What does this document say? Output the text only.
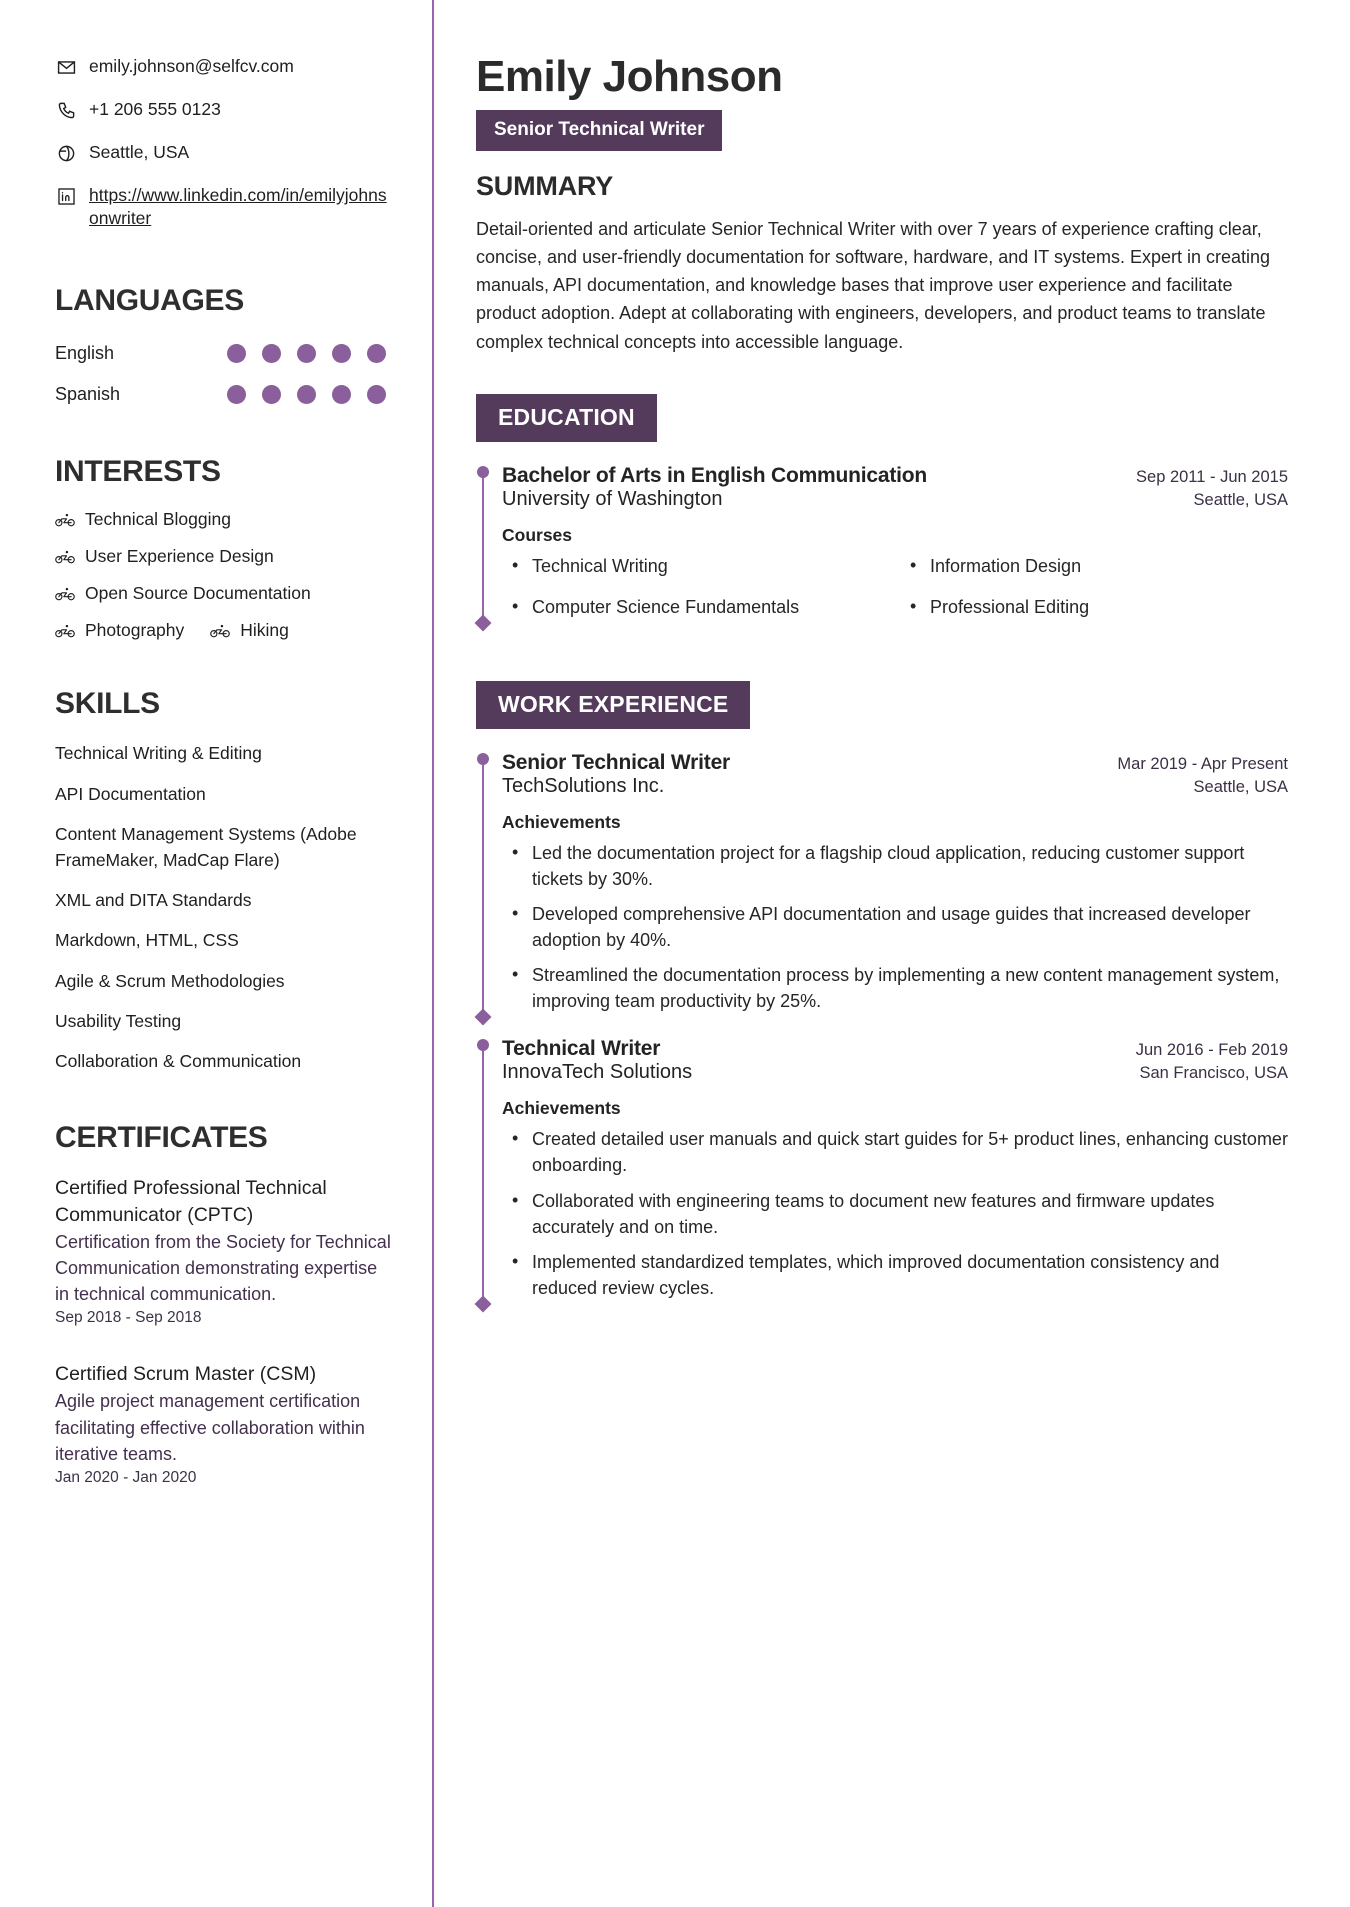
emily.johnson@selfcv.com
+1 206 555 0123
Seattle, USA
https://www.linkedin.com/in/emilyjohnsonwriter
LANGUAGES
English
Spanish
INTERESTS
Technical Blogging
User Experience Design
Open Source Documentation
Photography	Hiking
SKILLS
Technical Writing & Editing
API Documentation
Content Management Systems (Adobe FrameMaker, MadCap Flare)
XML and DITA Standards
Markdown, HTML, CSS
Agile & Scrum Methodologies
Usability Testing
Collaboration & Communication
CERTIFICATES
Certified Professional Technical Communicator (CPTC)
Certification from the Society for Technical Communication demonstrating expertise in technical communication.
Sep 2018 - Sep 2018
Certified Scrum Master (CSM)
Agile project management certification facilitating effective collaboration within iterative teams.
Jan 2020 - Jan 2020
Emily Johnson
Senior Technical Writer
SUMMARY

Detail-oriented and articulate Senior Technical Writer with over 7 years of experience crafting clear, concise, and user-friendly documentation for software, hardware, and IT systems. Expert in creating manuals, API documentation, and knowledge bases that improve user experience and facilitate product adoption. Adept at collaborating with engineers, developers, and product teams to translate complex technical concepts into accessible language.

EDUCATION
Bachelor of Arts in English Communication	Sep 2011 - Jun 2015
University of Washington	Seattle, USA
Courses
• Technical Writing	• Information Design
• Computer Science Fundamentals	• Professional Editing
WORK EXPERIENCE
Senior Technical Writer	Mar 2019 - Apr Present
TechSolutions Inc.	Seattle, USA
Achievements
• Led the documentation project for a flagship cloud application, reducing customer support tickets by 30%.
• Developed comprehensive API documentation and usage guides that increased developer adoption by 40%.
• Streamlined the documentation process by implementing a new content management system, improving team productivity by 25%.
Technical Writer	Jun 2016 - Feb 2019
InnovaTech Solutions	San Francisco, USA
Achievements
• Created detailed user manuals and quick start guides for 5+ product lines, enhancing customer onboarding.
• Collaborated with engineering teams to document new features and firmware updates accurately and on time.
• Implemented standardized templates, which improved documentation consistency and reduced review cycles.
